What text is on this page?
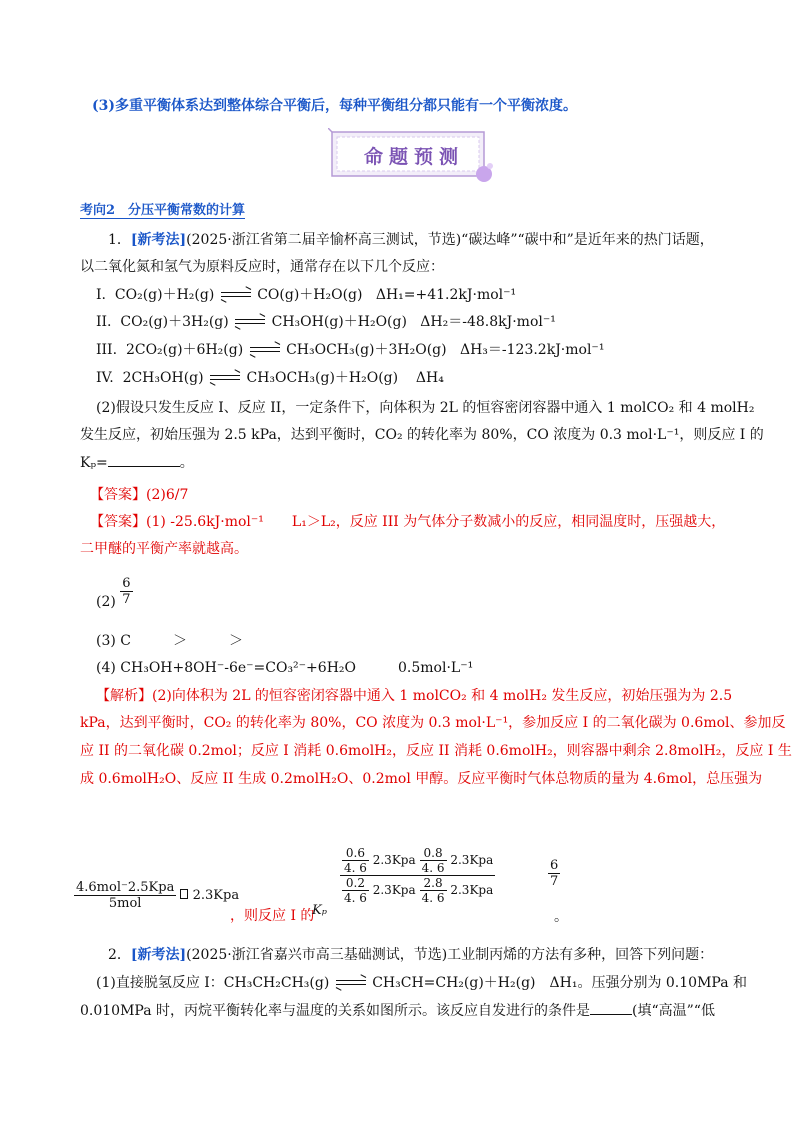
(3)多重平衡体系达到整体综合平衡后，每种平衡组分都只能有一个平衡浓度。
命题预测
考向2　分压平衡常数的计算
1．[新考法](2025·浙江省第二届辛愉杯高三测试，节选)“碳达峰”“碳中和”是近年来的热门话题，
以二氧化氮和氢气为原料反应时，通常存在以下几个反应：
I. CO₂(g)＋H₂(g)	CO(g)＋H₂O(g) ΔH₁=+41.2kJ·mol⁻¹
II. CO₂(g)＋3H₂(g)	CH₃OH(g)＋H₂O(g) ΔH₂＝-48.8kJ·mol⁻¹
III. 2CO₂(g)＋6H₂(g)	CH₃OCH₃(g)＋3H₂O(g) ΔH₃＝-123.2kJ·mol⁻¹
IV. 2CH₃OH(g)	CH₃OCH₃(g)＋H₂O(g) ΔH₄
(2)假设只发生反应 I、反应 II，一定条件下，向体积为 2L 的恒容密闭容器中通入 1 molCO₂ 和 4 molH₂
发生反应，初始压强为 2.5 kPa，达到平衡时，CO₂ 的转化率为 80%，CO 浓度为 0.3 mol·L⁻¹，则反应 I 的
Kₚ=	。
【答案】(2)6/7
【答案】(1) -25.6kJ·mol⁻¹　　L₁＞L₂，反应 III 为气体分子数减小的反应，相同温度时，压强越大，
二甲醚的平衡产率就越高。
$(2) \frac{6}{7}$
(3) C　　　＞　　　＞
(4) CH₃OH+8OH⁻-6e⁻=CO₃²⁻+6H₂O　　　0.5mol·L⁻¹
【解析】(2)向体积为 2L 的恒容密闭容器中通入 1 molCO₂ 和 4 molH₂ 发生反应，初始压强为为 2.5
kPa，达到平衡时，CO₂ 的转化率为 80%，CO 浓度为 0.3 mol·L⁻¹，参加反应 I 的二氧化碳为 0.6mol、参加反
应 II 的二氧化碳 0.2mol；反应 I 消耗 0.6molH₂，反应 II 消耗 0.6molH₂，则容器中剩余 2.8molH₂，反应 I 生
成 0.6molH₂O、反应 II 生成 0.2molH₂O、0.2mol 甲醇。反应平衡时气体总物质的量为 4.6mol，总压强为
$\frac{\text{4.6mol⁻2.5Kpa}}{\text{5mol}} 2.3Kpa$
，则反应 I 的
Kₚ
$\frac{0.6}{4. 6} 2.3Kpa$	$\frac{0.8}{4. 6} 2.3Kpa$

$\frac{0.2}{4. 6} 2.3Kpa$	$\frac{2.8}{4. 6} 2.3Kpa$
$\frac{6}{7}$
。
2．[新考法](2025·浙江省嘉兴市高三基础测试，节选)工业制丙烯的方法有多种，回答下列问题：
(1)直接脱氢反应 I：CH₃CH₂CH₃(g)	CH₃CH=CH₂(g)＋H₂(g)　ΔH₁。压强分别为 0.10MPa 和
0.010MPa 时，丙烷平衡转化率与温度的关系如图所示。该反应自发进行的条件是	(填“高温”“低
